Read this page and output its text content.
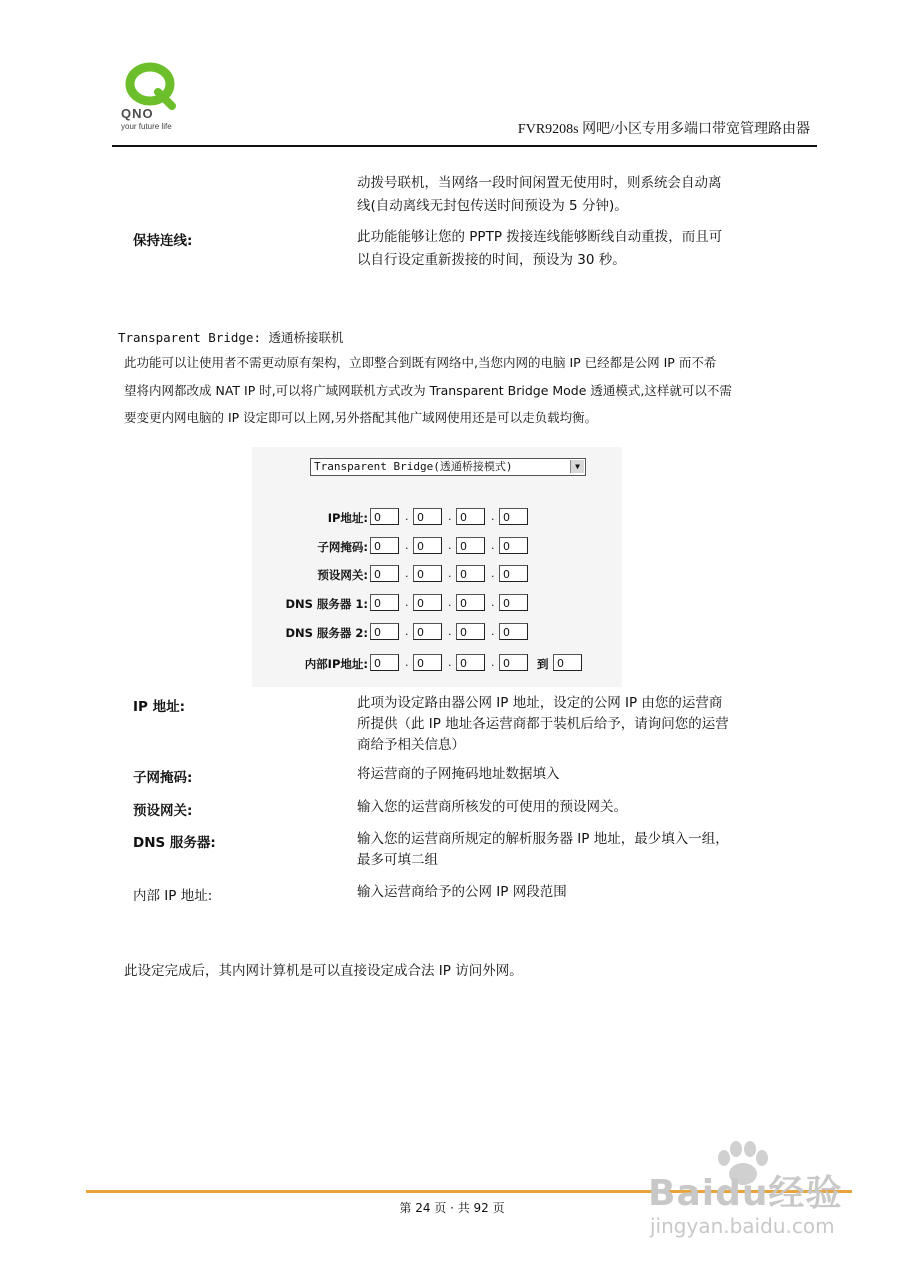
QNO
your future life	FVR9208s 网吧/小区专用多端口带宽管理路由器
动拨号联机，当网络一段时间闲置无使用时，则系统会自动离
线(自动离线无封包传送时间预设为 5 分钟)。
保持连线:	此功能能够让您的 PPTP 拨接连线能够断线自动重拨，而且可
以自行设定重新拨接的时间，预设为 30 秒。
Transparent Bridge: 透通桥接联机
此功能可以让使用者不需更动原有架构，立即整合到既有网络中,当您内网的电脑 IP 已经都是公网 IP 而不希
望将内网都改成 NAT IP 时,可以将广域网联机方式改为 Transparent Bridge Mode 透通模式,这样就可以不需
要变更内网电脑的 IP 设定即可以上网,另外搭配其他广域网使用还是可以走负载均衡。
Transparent Bridge(透通桥接模式)	▼
IP地址: 0	. 0	. 0	. 0
子网掩码: 0	. 0	. 0	. 0
预设网关: 0	. 0	. 0	. 0
DNS 服务器 1: 0	. 0	. 0	. 0
DNS 服务器 2: 0	. 0	. 0	. 0
内部IP地址: 0	. 0	. 0	. 0	到 0
IP 地址:	此项为设定路由器公网 IP 地址，设定的公网 IP 由您的运营商
所提供（此 IP 地址各运营商都于装机后给予，请询问您的运营
商给予相关信息）
子网掩码:	将运营商的子网掩码地址数据填入
预设网关:	输入您的运营商所核发的可使用的预设网关。
DNS 服务器:	输入您的运营商所规定的解析服务器 IP 地址，最少填入一组，
最多可填二组
内部 IP 地址:	输入运营商给予的公网 IP 网段范围
此设定完成后，其内网计算机是可以直接设定成合法 IP 访问外网。
第 24 页 · 共 92 页	Baidu经验
jingyan.baidu.com
